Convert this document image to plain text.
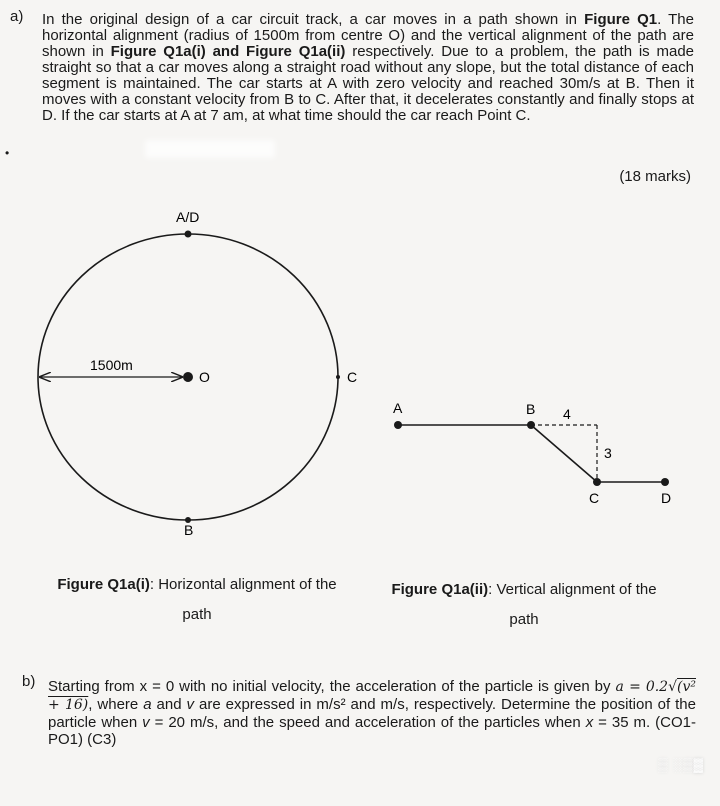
a) In the original design of a car circuit track, a car moves in a path shown in Figure Q1. The horizontal alignment (radius of 1500m from centre O) and the vertical alignment of the path are shown in Figure Q1a(i) and Figure Q1a(ii) respectively. Due to a problem, the path is made straight so that a car moves along a straight road without any slope, but the total distance of each segment is maintained. The car starts at A with zero velocity and reached 30m/s at B. Then it moves with a constant velocity from B to C. After that, it decelerates constantly and finally stops at D. If the car starts at A at 7 am, at what time should the car reach Point C.

•
(18 marks)
A/D
B
C
O
1500m
A	B
C	D
4
3
Figure Q1a(i): Horizontal alignment of the
path
Figure Q1a(ii): Vertical alignment of the
path
b) Starting from x = 0 with no initial velocity, the acceleration of the particle is given by a = 0.2√(v² + 16), where a and v are expressed in m/s² and m/s, respectively. Determine the position of the particle when v = 20 m/s, and the speed and acceleration of the particles when x = 35 m. (CO1-PO1) (C3)

▒ ░▒▓
